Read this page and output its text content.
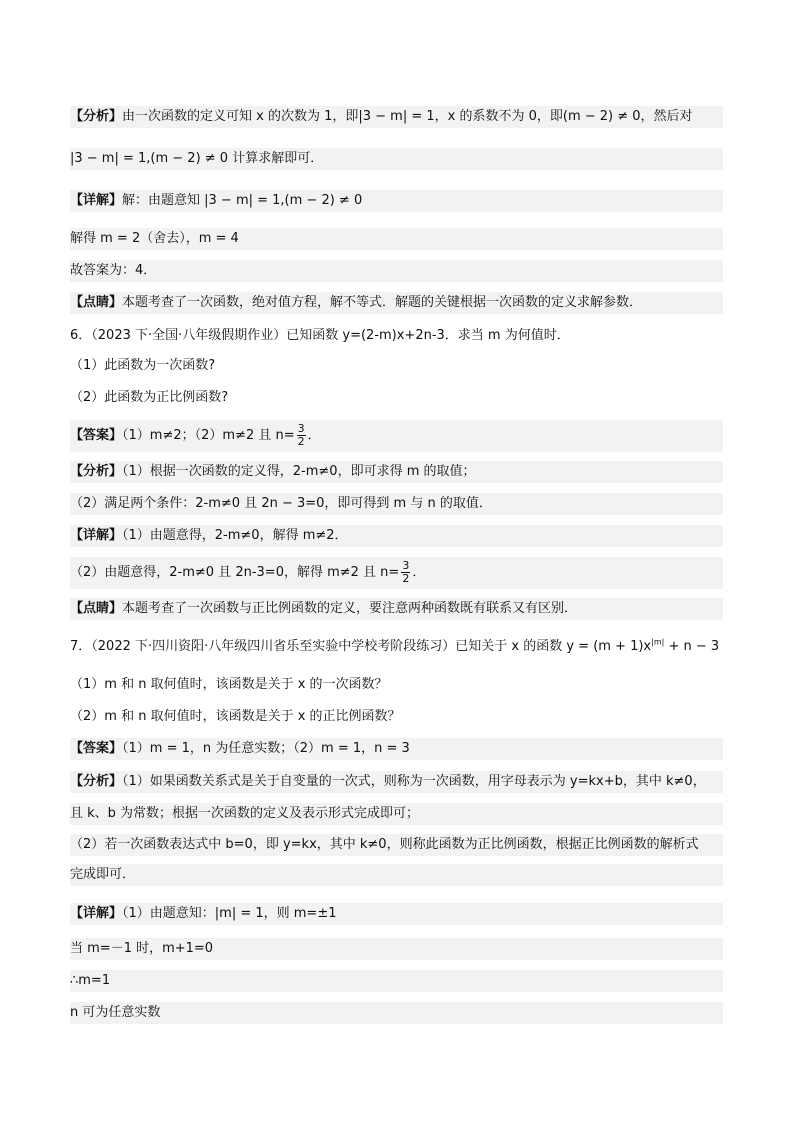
【分析】由一次函数的定义可知 x 的次数为 1，即|3 − m| = 1，x 的系数不为 0，即(m − 2) ≠ 0，然后对
|3 − m| = 1,(m − 2) ≠ 0 计算求解即可．
【详解】解：由题意知 |3 − m| = 1,(m − 2) ≠ 0
解得 m = 2（舍去），m = 4
故答案为：4．
【点睛】本题考查了一次函数，绝对值方程，解不等式．解题的关键根据一次函数的定义求解参数．
6．（2023 下·全国·八年级假期作业）已知函数 y=(2-m)x+2n-3．求当 m 为何值时．
（1）此函数为一次函数?
（2）此函数为正比例函数?
【答案】（1）m≠2；（2）m≠2 且 $n= \frac{3}{2}$ ．
【分析】（1）根据一次函数的定义得，2-m≠0，即可求得 m 的取值；
（2）满足两个条件：2-m≠0 且 2n − 3=0，即可得到 m 与 n 的取值．
【详解】（1）由题意得，2-m≠0，解得 m≠2．
（2）由题意得，2-m≠0 且 2n-3=0，解得 m≠2 且 $n= \frac{3}{2}$ ．
【点睛】本题考查了一次函数与正比例函数的定义，要注意两种函数既有联系又有区别．
7．（2022 下·四川资阳·八年级四川省乐至实验中学校考阶段练习）已知关于 x 的函数 $y = (m + 1)x^{|m|} + n - 3$
（1）m 和 n 取何值时，该函数是关于 x 的一次函数？
（2）m 和 n 取何值时，该函数是关于 x 的正比例函数？
【答案】（1）m = 1，n 为任意实数；（2）m = 1，n = 3
【分析】（1）如果函数关系式是关于自变量的一次式，则称为一次函数，用字母表示为 y=kx+b，其中 k≠0，
且 k、b 为常数；根据一次函数的定义及表示形式完成即可；
（2）若一次函数表达式中 b=0，即 y=kx，其中 k≠0，则称此函数为正比例函数，根据正比例函数的解析式
完成即可．
【详解】（1）由题意知：|m| = 1，则 m=±1
当 m=－1 时，m+1=0
∴m=1
n 可为任意实数
